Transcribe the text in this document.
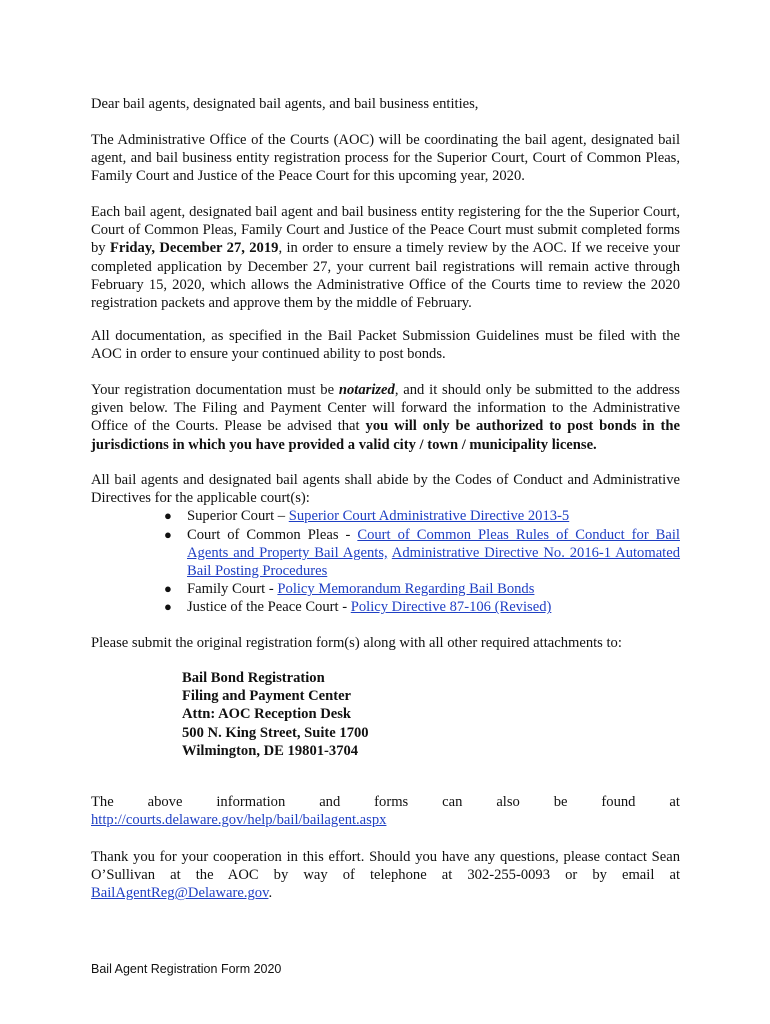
Dear bail agents, designated bail agents, and bail business entities,

The Administrative Office of the Courts (AOC) will be coordinating the bail agent, designated bail agent, and bail business entity registration process for the Superior Court, Court of Common Pleas, Family Court and Justice of the Peace Court for this upcoming year, 2020.

Each bail agent, designated bail agent and bail business entity registering for the the Superior Court, Court of Common Pleas, Family Court and Justice of the Peace Court must submit completed forms by Friday, December 27, 2019, in order to ensure a timely review by the AOC. If we receive your completed application by December 27, your current bail registrations will remain active through February 15, 2020, which allows the Administrative Office of the Courts time to review the 2020 registration packets and approve them by the middle of February.

All documentation, as specified in the Bail Packet Submission Guidelines must be filed with the AOC in order to ensure your continued ability to post bonds.

Your registration documentation must be notarized, and it should only be submitted to the address given below. The Filing and Payment Center will forward the information to the Administrative Office of the Courts. Please be advised that you will only be authorized to post bonds in the jurisdictions in which you have provided a valid city / town / municipality license.

All bail agents and designated bail agents shall abide by the Codes of Conduct and Administrative Directives for the applicable court(s):

● Superior Court – Superior Court Administrative Directive 2013-5
● Court of Common Pleas - Court of Common Pleas Rules of Conduct for Bail Agents and Property Bail Agents, Administrative Directive No. 2016-1 Automated Bail Posting Procedures
● Family Court - Policy Memorandum Regarding Bail Bonds
● Justice of the Peace Court - Policy Directive 87-106 (Revised)

Please submit the original registration form(s) along with all other required attachments to:

Bail Bond Registration
Filing and Payment Center
Attn: AOC Reception Desk
500 N. King Street, Suite 1700
Wilmington, DE 19801-3704
The above information and forms can also be found at
http://courts.delaware.gov/help/bail/bailagent.aspx

Thank you for your cooperation in this effort. Should you have any questions, please contact Sean O’Sullivan at the AOC by way of telephone at 302-255-0093 or by email at BailAgentReg@Delaware.gov.

Bail Agent Registration Form 2020
